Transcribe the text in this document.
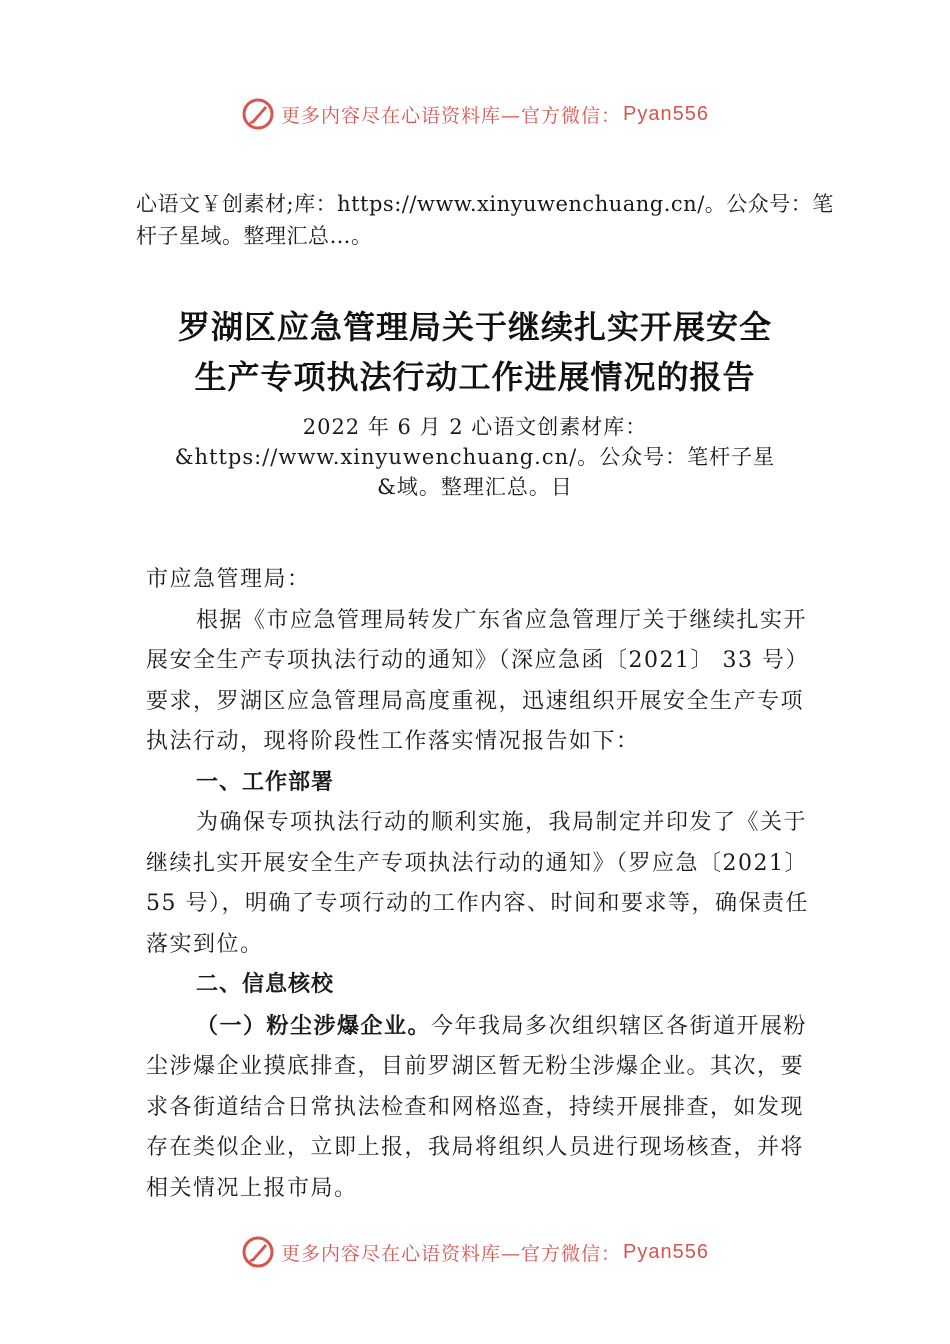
更多内容尽在心语资料库—官方微信： Pyan556
心语文￥创素材;库：https://www.xinyuwenchuang.cn/。公众号：笔杆子星域。整理汇总…。
罗湖区应急管理局关于继续扎实开展安全
生产专项执法行动工作进展情况的报告
2022 年 6 月 2 心语文创素材库：
&https://www.xinyuwenchuang.cn/。公众号：笔杆子星
&域。整理汇总。日

市应急管理局：

根据《市应急管理局转发广东省应急管理厅关于继续扎实开展安全生产专项执法行动的通知》（深应急函〔2021〕 33 号）要求，罗湖区应急管理局高度重视，迅速组织开展安全生产专项执法行动，现将阶段性工作落实情况报告如下：

一、工作部署

为确保专项执法行动的顺利实施，我局制定并印发了《关于继续扎实开展安全生产专项执法行动的通知》（罗应急〔2021〕 55 号），明确了专项行动的工作内容、时间和要求等，确保责任落实到位。

二、信息核校

（一）粉尘涉爆企业。今年我局多次组织辖区各街道开展粉 尘涉爆企业摸底排查，目前罗湖区暂无粉尘涉爆企业。其次，要求各街道结合日常执法检查和网格巡查，持续开展排查，如发现存在类似企业，立即上报，我局将组织人员进行现场核查，并将相关情况上报市局。

更多内容尽在心语资料库—官方微信： Pyan556
